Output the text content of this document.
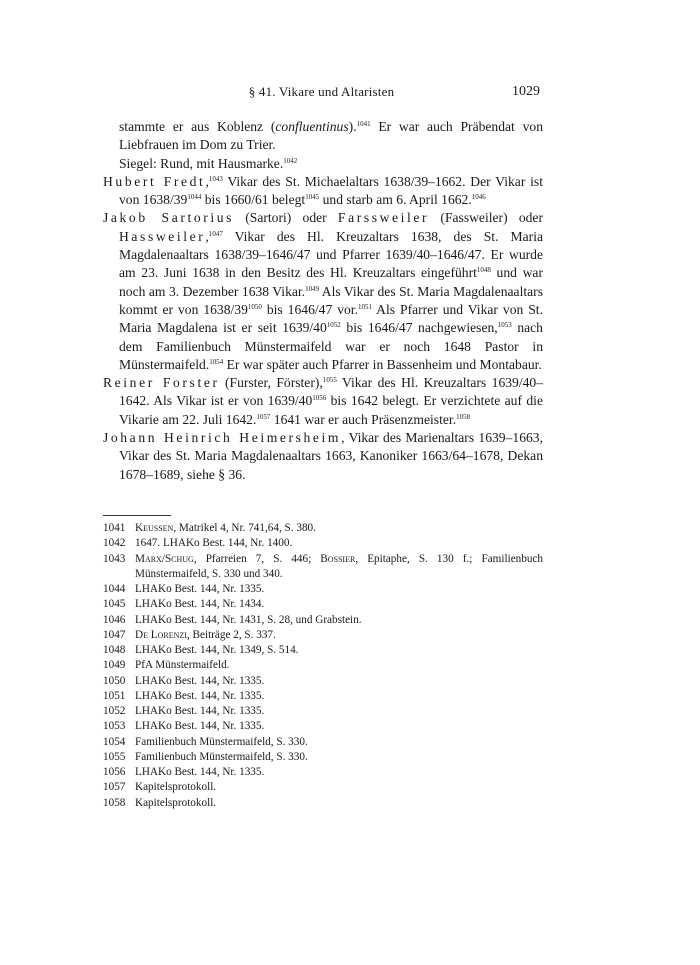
§ 41. Vikare und Altaristen	1029

stammte er aus Koblenz (confluentinus).$^{1041}$ Er war auch Präbendat von Liebfrauen im Dom zu Trier.

Siegel: Rund, mit Hausmarke.$^{1042}$

Hubert Fredt,$^{1043}$ Vikar des St. Michaelaltars 1638/39–1662. Der Vikar ist von $1638/39^{1044}$ bis 1660/61 belegt$^{1045}$ und starb am 6. April 1662.$^{1046}$

Jakob Sartorius (Sartori) oder Farssweiler (Fassweiler) oder Hassweiler,$^{1047}$ Vikar des Hl. Kreuzaltars 1638, des St. Maria Magdalenaaltars 1638/39–1646/47 und Pfarrer 1639/40–1646/47. Er wurde am 23. Juni 1638 in den Besitz des Hl. Kreuzaltars eingeführt$^{1048}$ und war noch am 3. Dezember 1638 Vikar.$^{1049}$ Als Vikar des St. Maria Magdalenaaltars kommt er von $1638/39^{1050}$ bis 1646/47 vor.$^{1051}$ Als Pfarrer und Vikar von St. Maria Magdalena ist er seit $1639/40^{1052}$ bis 1646/47 nachgewiesen,$^{1053}$ nach dem Familienbuch Münstermaifeld war er noch 1648 Pastor in Münstermaifeld.$^{1054}$ Er war später auch Pfarrer in Bassenheim und Montabaur.

Reiner Forster (Furster, Förster),$^{1055}$ Vikar des Hl. Kreuzaltars 1639/40–1642. Als Vikar ist er von $1639/40^{1056}$ bis 1642 belegt. Er verzichtete auf die Vikarie am 22. Juli 1642.$^{1057}$ 1641 war er auch Präsenzmeister.$^{1058}$

Johann Heinrich Heimersheim, Vikar des Marienaltars 1639–1663, Vikar des St. Maria Magdalenaaltars 1663, Kanoniker 1663/64–1678, Dekan 1678–1689, siehe § 36.

1041 Keussen, Matrikel 4, Nr. 741,64, S. 380.
1042 1647. LHAKo Best. 144, Nr. 1400.
1043 Marx/Schug, Pfarreien 7, S. 446; Bossier, Epitaphe, S. 130 f.; Familienbuch Münstermaifeld, S. 330 und 340.
1044 LHAKo Best. 144, Nr. 1335.
1045 LHAKo Best. 144, Nr. 1434.
1046 LHAKo Best. 144, Nr. 1431, S. 28, und Grabstein.
1047 De Lorenzi, Beiträge 2, S. 337.
1048 LHAKo Best. 144, Nr. 1349, S. 514.
1049 PfA Münstermaifeld.
1050 LHAKo Best. 144, Nr. 1335.
1051 LHAKo Best. 144, Nr. 1335.
1052 LHAKo Best. 144, Nr. 1335.
1053 LHAKo Best. 144, Nr. 1335.
1054 Familienbuch Münstermaifeld, S. 330.
1055 Familienbuch Münstermaifeld, S. 330.
1056 LHAKo Best. 144, Nr. 1335.
1057 Kapitelsprotokoll.
1058 Kapitelsprotokoll.
